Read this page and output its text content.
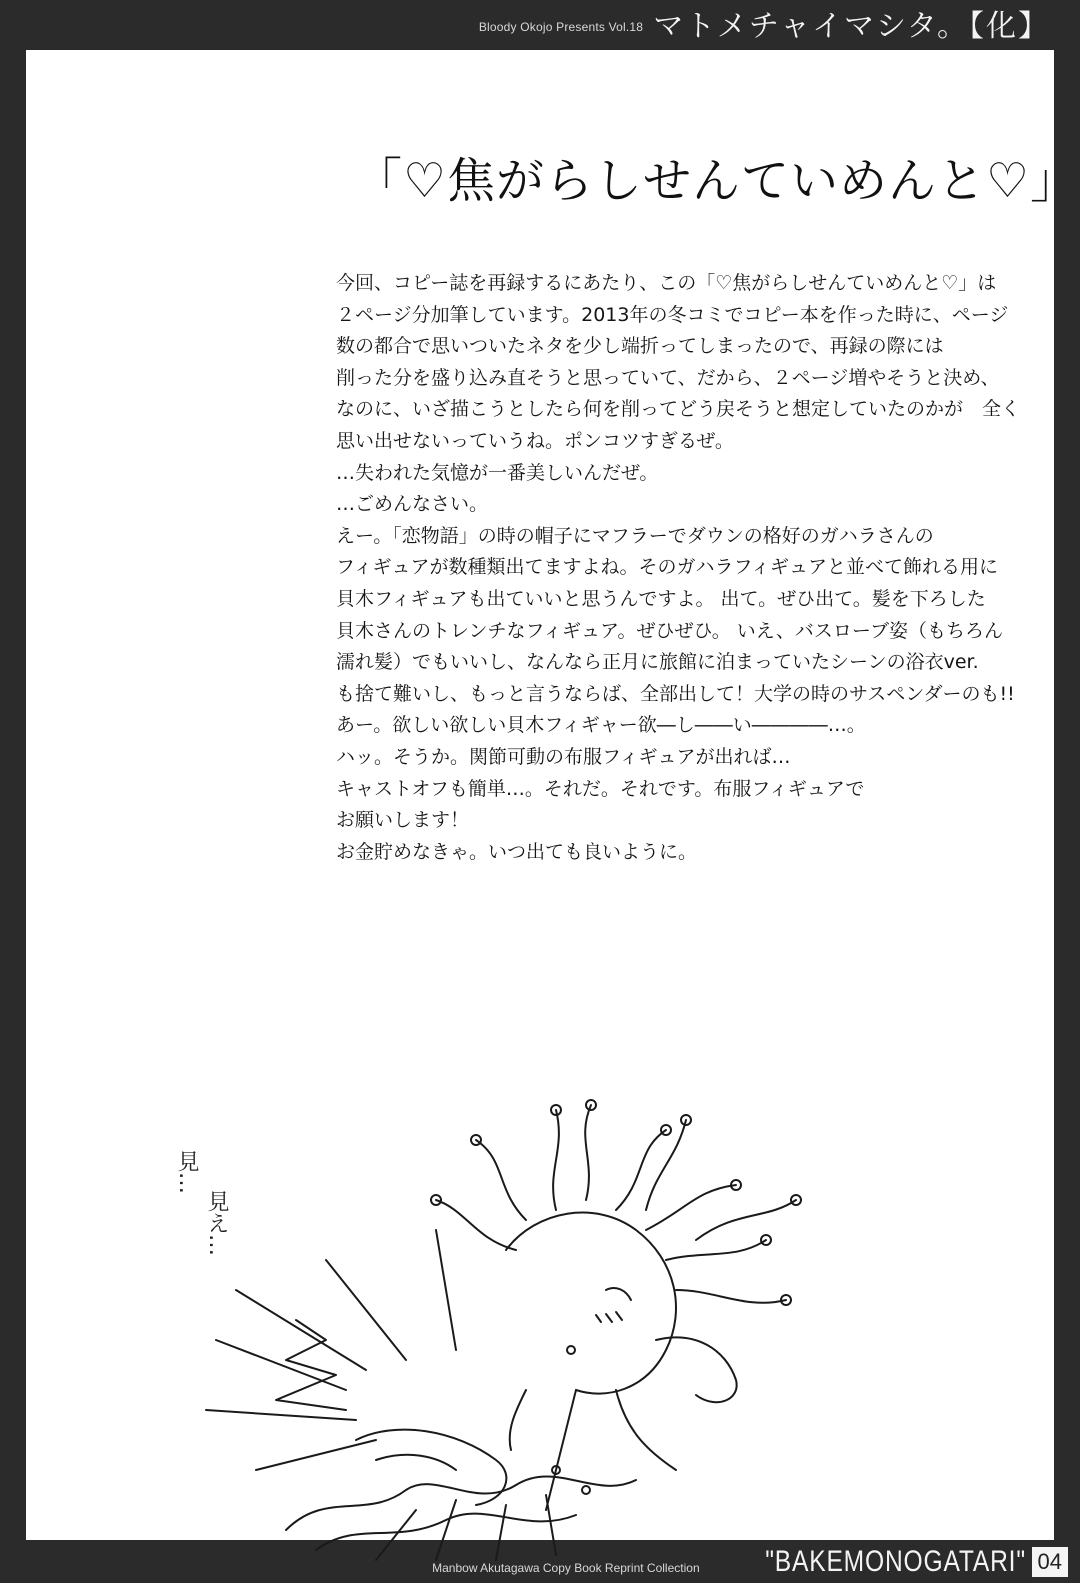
Bloody Okojo Presents Vol.18 マトメチャイマシタ。【化】
「♡焦がらしせんていめんと♡」

今回、コピー誌を再録するにあたり、この「♡焦がらしせんていめんと♡」は

２ページ分加筆しています。2013年の冬コミでコピー本を作った時に、ページ

数の都合で思いついたネタを少し端折ってしまったので、再録の際には

削った分を盛り込み直そうと思っていて、だから、２ページ増やそうと決め、

なのに、いざ描こうとしたら何を削ってどう戻そうと想定していたのかが　全く

思い出せないっていうね。ポンコツすぎるぜ。

…失われた気憶が一番美しいんだぜ。

…ごめんなさい。

えー。「恋物語」の時の帽子にマフラーでダウンの格好のガハラさんの

フィギュアが数種類出てますよね。そのガハラフィギュアと並べて飾れる用に

貝木フィギュアも出ていいと思うんですよ。 出て。ぜひ出て。髪を下ろした

貝木さんのトレンチなフィギュア。ぜひぜひ。 いえ、バスローブ姿（もちろん

濡れ髪）でもいいし、なんなら正月に旅館に泊まっていたシーンの浴衣ver.

も捨て難いし、もっと言うならば、全部出して！大学の時のサスペンダーのも!!

あー。欲しい欲しい貝木フィギャー欲―し――い――――…。

ハッ。そうか。関節可動の布服フィギュアが出れば…

キャストオフも簡単…。それだ。それです。布服フィギュアで

お願いします！

お金貯めなきゃ。いつ出ても良いように。

見…
見え…
Manbow Akutagawa Copy Book Reprint Collection "BAKEMONOGATARI" 04
